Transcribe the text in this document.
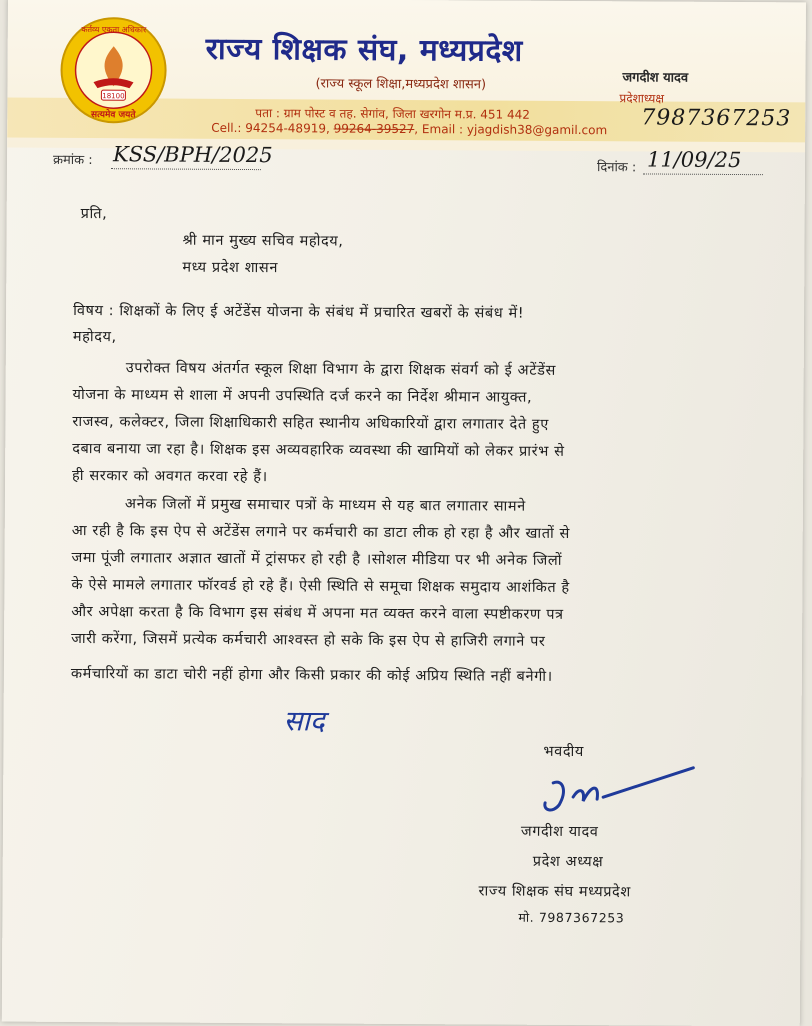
18100
कर्तव्य एकता अधिकार
सत्यमेव जयते
राज्य शिक्षक संघ, मध्यप्रदेश
(राज्य स्कूल शिक्षा,मध्यप्रदेश शासन)	जगदीश यादव
प्रदेशाध्यक्ष
7987367253
पता : ग्राम पोस्ट व तह. सेगांव, जिला खरगोन म.प्र. 451 442
Cell.: 94254-48919, 99264-39527, Email : yjagdish38@gamil.com
क्रमांक : KSS/BPH/2025
दिनांक : 11/09/25
प्रति,
श्री मान मुख्य सचिव महोदय,
मध्य प्रदेश शासन
विषय : शिक्षकों के लिए ई अटेंडेंस योजना के संबंध में प्रचारित खबरों के संबंध में!
महोदय,
उपरोक्त विषय अंतर्गत स्कूल शिक्षा विभाग के द्वारा शिक्षक संवर्ग को ई अटेंडेंस
योजना के माध्यम से शाला में अपनी उपस्थिति दर्ज करने का निर्देश श्रीमान आयुक्त,
राजस्व, कलेक्टर, जिला शिक्षाधिकारी सहित स्थानीय अधिकारियों द्वारा लगातार देते हुए
दबाव बनाया जा रहा है। शिक्षक इस अव्यवहारिक व्यवस्था की खामियों को लेकर प्रारंभ से
ही सरकार को अवगत करवा रहे हैं।
अनेक जिलों में प्रमुख समाचार पत्रों के माध्यम से यह बात लगातार सामने
आ रही है कि इस ऐप से अटेंडेंस लगाने पर कर्मचारी का डाटा लीक हो रहा है और खातों से
जमा पूंजी लगातार अज्ञात खातों में ट्रांसफर हो रही है ।सोशल मीडिया पर भी अनेक जिलों
के ऐसे मामले लगातार फॉरवर्ड हो रहे हैं। ऐसी स्थिति से समूचा शिक्षक समुदाय आशंकित है
और अपेक्षा करता है कि विभाग इस संबंध में अपना मत व्यक्त करने वाला स्पष्टीकरण पत्र
जारी करेंगा, जिसमें प्रत्येक कर्मचारी आश्वस्त हो सके कि इस ऐप से हाजिरी लगाने पर
कर्मचारियों का डाटा चोरी नहीं होगा और किसी प्रकार की कोई अप्रिय स्थिति नहीं बनेगी।
साद
भवदीय
जगदीश यादव
प्रदेश अध्यक्ष
राज्य शिक्षक संघ मध्यप्रदेश
मो. 7987367253
